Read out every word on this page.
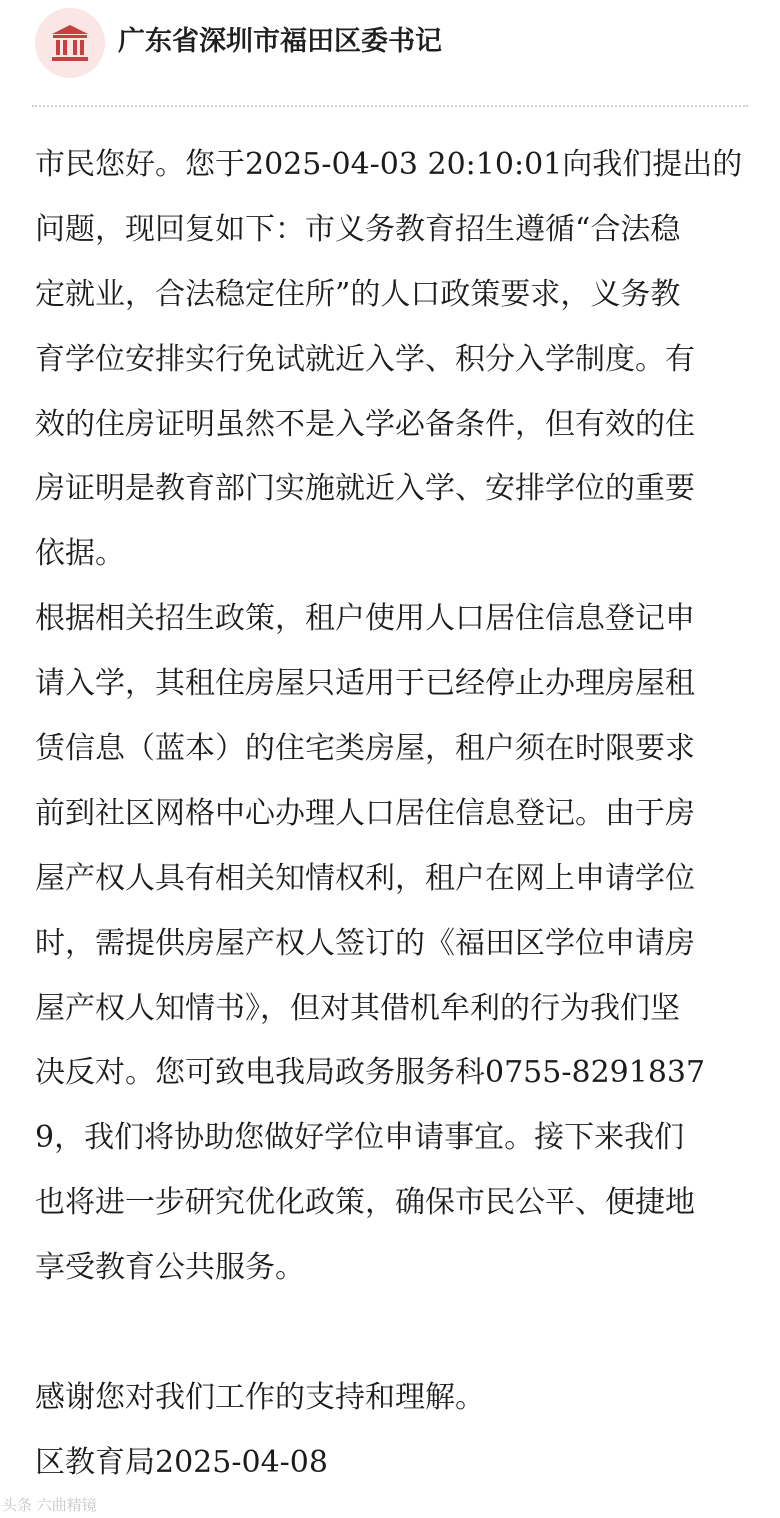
广东省深圳市福田区委书记
市民您好。您于2025-04-03 20:10:01向我们提出的
问题，现回复如下：市义务教育招生遵循“合法稳
定就业，合法稳定住所”的人口政策要求，义务教
育学位安排实行免试就近入学、积分入学制度。有
效的住房证明虽然不是入学必备条件，但有效的住
房证明是教育部门实施就近入学、安排学位的重要
依据。
根据相关招生政策，租户使用人口居住信息登记申
请入学，其租住房屋只适用于已经停止办理房屋租
赁信息（蓝本）的住宅类房屋，租户须在时限要求
前到社区网格中心办理人口居住信息登记。由于房
屋产权人具有相关知情权利，租户在网上申请学位
时，需提供房屋产权人签订的《福田区学位申请房
屋产权人知情书》，但对其借机牟利的行为我们坚
决反对。您可致电我局政务服务科0755-8291837
9，我们将协助您做好学位申请事宜。接下来我们
也将进一步研究优化政策，确保市民公平、便捷地
享受教育公共服务。
感谢您对我们工作的支持和理解。
区教育局2025-04-08
头条 六曲精镜
